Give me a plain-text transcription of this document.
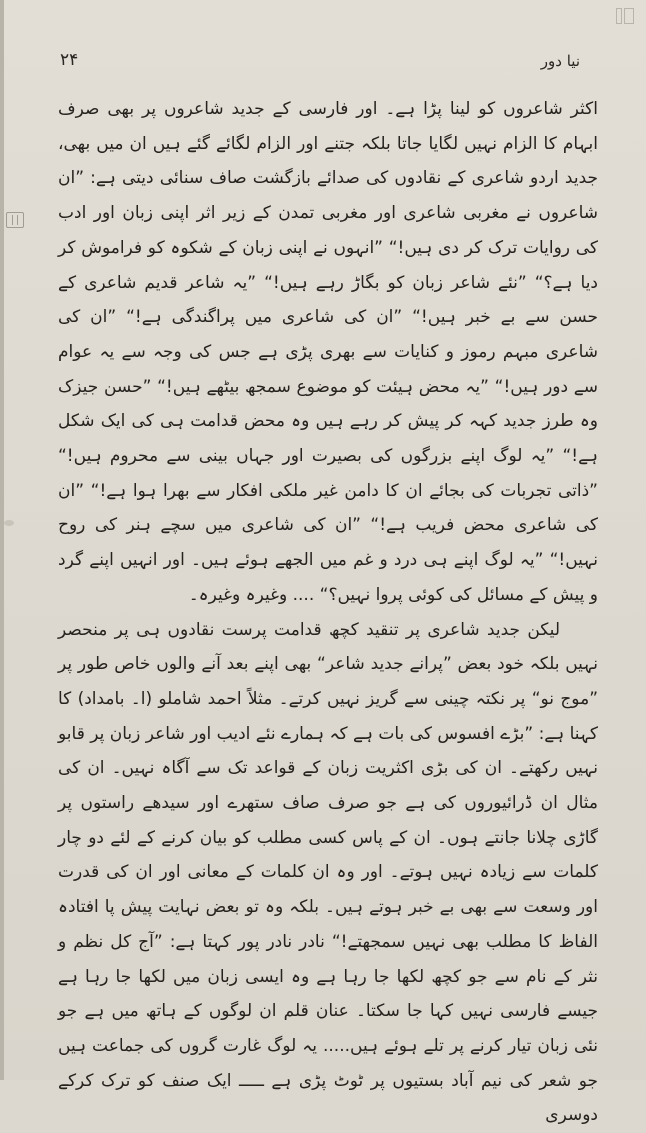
نیا دور
۲۴

اکثر شاعروں کو لینا پڑا ہے۔ اور فارسی کے جدید شاعروں پر بھی صرف ابہام کا الزام نہیں لگایا جاتا بلکہ جتنے اور الزام لگائے گئے ہیں ان میں بھی، جدید اردو شاعری کے نقادوں کی صدائے بازگشت صاف سنائی دیتی ہے: ”ان شاعروں نے مغربی شاعری اور مغربی تمدن کے زیر اثر اپنی زبان اور ادب کی روایات ترک کر دی ہیں!“ ”انہوں نے اپنی زبان کے شکوہ کو فراموش کر دیا ہے؟“ ”نئے شاعر زبان کو بگاڑ رہے ہیں!“ ”یہ شاعر قدیم شاعری کے حسن سے بے خبر ہیں!“ ”ان کی شاعری میں پراگندگی ہے!“ ”ان کی شاعری مبہم رموز و کنایات سے بھری پڑی ہے جس کی وجہ سے یہ عوام سے دور ہیں!“ ”یہ محض ہیئت کو موضوع سمجھ بیٹھے ہیں!“ ”حسن جیزک وہ طرز جدید کہہ کر پیش کر رہے ہیں وہ محض قدامت ہی کی ایک شکل ہے!“ ”یہ لوگ اپنے بزرگوں کی بصیرت اور جہاں بینی سے محروم ہیں!“ ”ذاتی تجربات کی بجائے ان کا دامن غیر ملکی افکار سے بھرا ہوا ہے!“ ”ان کی شاعری محض فریب ہے!“ ”ان کی شاعری میں سچے ہنر کی روح نہیں!“ ”یہ لوگ اپنے ہی درد و غم میں الجھے ہوئے ہیں۔ اور انہیں اپنے گرد و پیش کے مسائل کی کوئی پروا نہیں؟“ .... وغیرہ وغیرہ۔

لیکن جدید شاعری پر تنقید کچھ قدامت پرست نقادوں ہی پر منحصر نہیں بلکہ خود بعض ”پرانے جدید شاعر“ بھی اپنے بعد آنے والوں خاص طور پر ”موج نو“ پر نکتہ چینی سے گریز نہیں کرتے۔ مثلاً احمد شاملو (ا۔ بامداد) کا کہنا ہے: ”بڑے افسوس کی بات ہے کہ ہمارے نئے ادیب اور شاعر زبان پر قابو نہیں رکھتے۔ ان کی بڑی اکثریت زبان کے قواعد تک سے آگاہ نہیں۔ ان کی مثال ان ڈرائیوروں کی ہے جو صرف صاف ستھرے اور سیدھے راستوں پر گاڑی چلانا جانتے ہوں۔ ان کے پاس کسی مطلب کو بیان کرنے کے لئے دو چار کلمات سے زیادہ نہیں ہوتے۔ اور وہ ان کلمات کے معانی اور ان کی قدرت اور وسعت سے بھی بے خبر ہوتے ہیں۔ بلکہ وہ تو بعض نہایت پیش پا افتادہ الفاظ کا مطلب بھی نہیں سمجھتے!“ نادر نادر پور کہتا ہے: ”آج کل نظم و نثر کے نام سے جو کچھ لکھا جا رہا ہے وہ ایسی زبان میں لکھا جا رہا ہے جیسے فارسی نہیں کہا جا سکتا۔ عنان قلم ان لوگوں کے ہاتھ میں ہے جو نئی زبان تیار کرنے پر تلے ہوئے ہیں..... یہ لوگ غارت گروں کی جماعت ہیں جو شعر کی نیم آباد بستیوں پر ٹوٹ پڑی ہے ـــــ ایک صنف کو ترک کرکے دوسری
